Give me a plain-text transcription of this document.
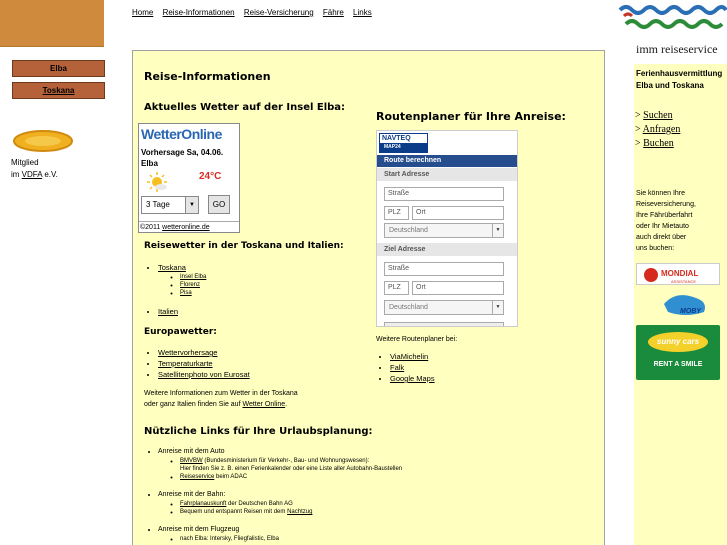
Elba
Toskana
Mitglied
im VDFA e.V.
Home Reise-Informationen Reise-Versicherung Fähre Links
imm reiseservice
Ferienhausvermittlung
Elba und Toskana
> Suchen
> Anfragen
> Buchen
Sie können Ihre
Reiseversicherung,
Ihre Fährüberfahrt
oder Ihr Mietauto
auch direkt über
uns buchen:
MONDIAL
ASSISTANCE
MOBY
sunny cars
RENT A SMILE
Reise-Informationen
Aktuelles Wetter auf der Insel Elba:
WetterOnline
Vorhersage Sa, 04.06.
Elba
24°C
3 Tage	▼	GO
©2011 wetteronline.de
Routenplaner für Ihre Anreise:
NAVTEQ
MAP24
Route berechnen
Start Adresse
Straße
PLZ	Ort
Deutschland	▼
Ziel Adresse
Straße
PLZ	Ort
Deutschland	▼
Weitere Routenplaner bei:
• ViaMichelin
• Falk
• Google Maps
Reisewetter in der Toskana und Italien:
• Toskana
◦ Insel Elba
◦ Florenz
◦ Pisa
• Italien
Europawetter:
• Wettervorhersage
• Temperaturkarte
• Satellitenphoto von Eurosat
Weitere Informationen zum Wetter in der Toskana
oder ganz Italien finden Sie auf Wetter Online.
Nützliche Links für Ihre Urlaubsplanung:
• Anreise mit dem Auto
◦ BMVBW (Bundesministerium für Verkehr-, Bau- und Wohnungswesen):
Hier finden Sie z. B. einen Ferienkalender oder eine Liste aller Autobahn-Baustellen
◦ Reiseservice beim ADAC
• Anreise mit der Bahn:
◦ Fahrplanauskunft der Deutschen Bahn AG
◦ Bequem und entspannt Reisen mit dem Nachtzug
• Anreise mit dem Flugzeug
◦ nach Elba: Intersky, Fliegfalistic, Elba
